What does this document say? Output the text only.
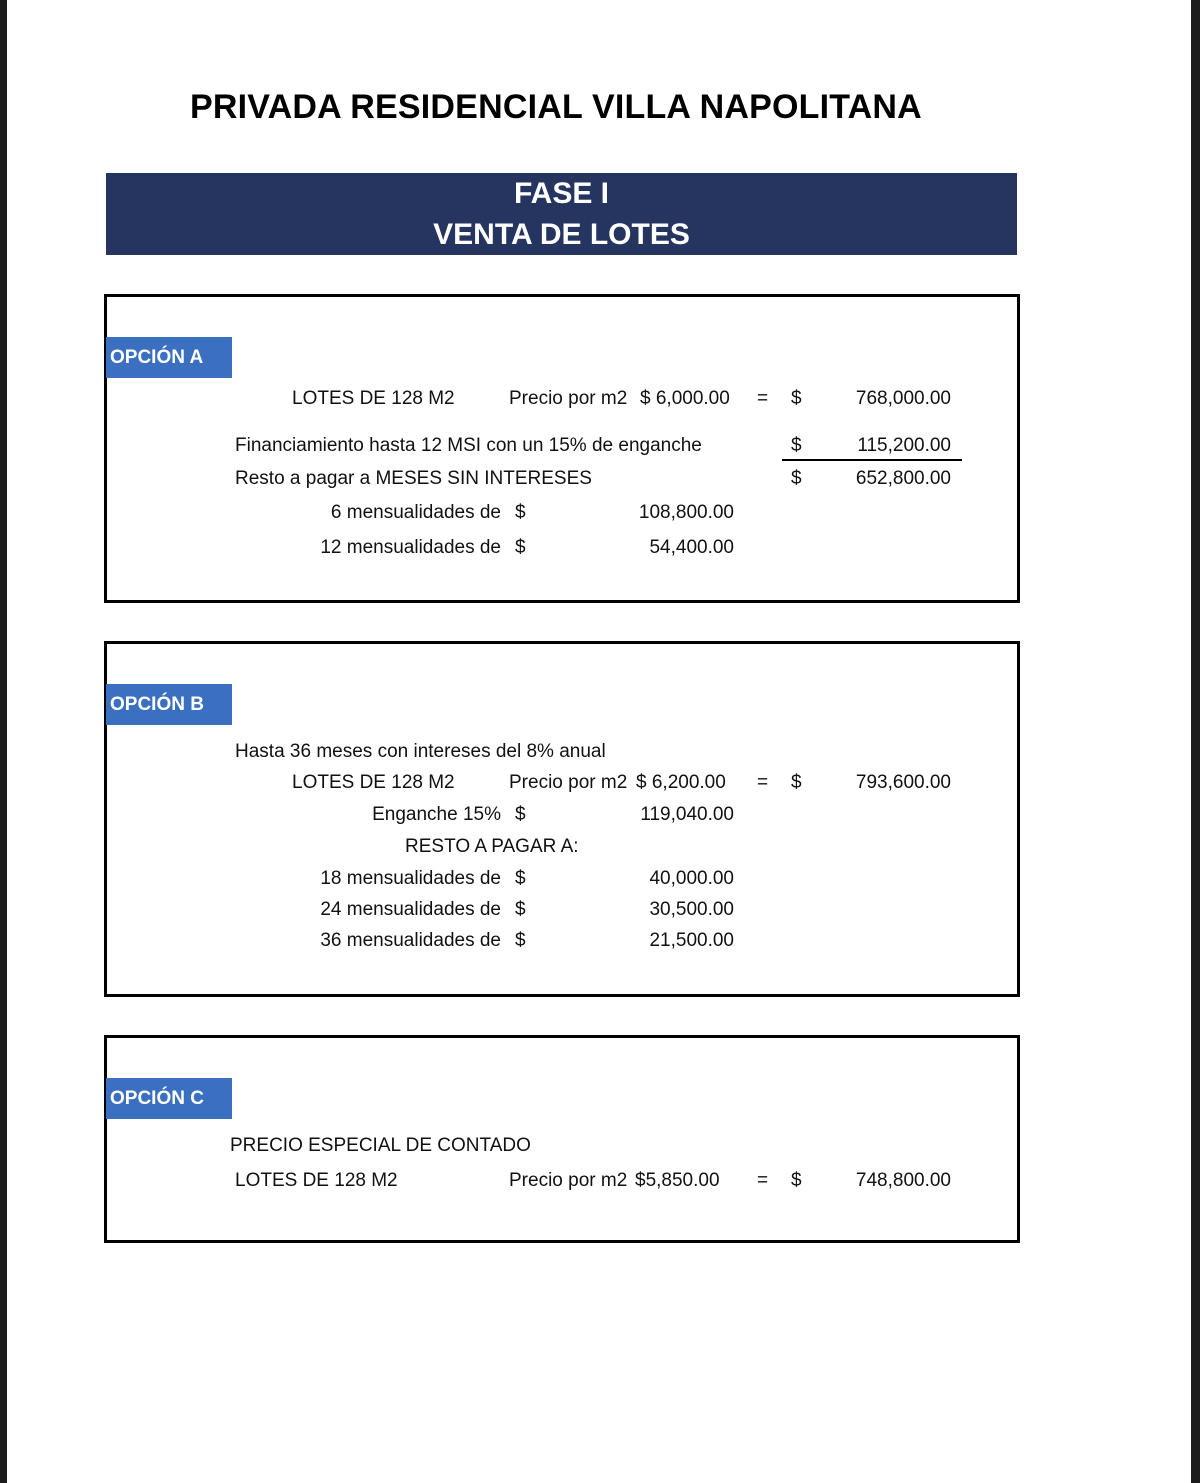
PRIVADA RESIDENCIAL VILLA NAPOLITANA
FASE I
VENTA DE LOTES
OPCIÓN A
LOTES DE 128 M2	Precio por m2 $ 6,000.00 = $	768,000.00
Financiamiento hasta 12 MSI con un 15% de enganche	$	115,200.00
Resto a pagar a MESES SIN INTERESES	$	652,800.00
6 mensualidades de $	108,800.00
12 mensualidades de $	54,400.00
OPCIÓN B
Hasta 36 meses con intereses del 8% anual
LOTES DE 128 M2	Precio por m2 $ 6,200.00 = $	793,600.00
Enganche 15% $	119,040.00
RESTO A PAGAR A:
18 mensualidades de $	40,000.00
24 mensualidades de $	30,500.00
36 mensualidades de $	21,500.00
OPCIÓN C
PRECIO ESPECIAL DE CONTADO
LOTES DE 128 M2	Precio por m2 $5,850.00 = $	748,800.00
